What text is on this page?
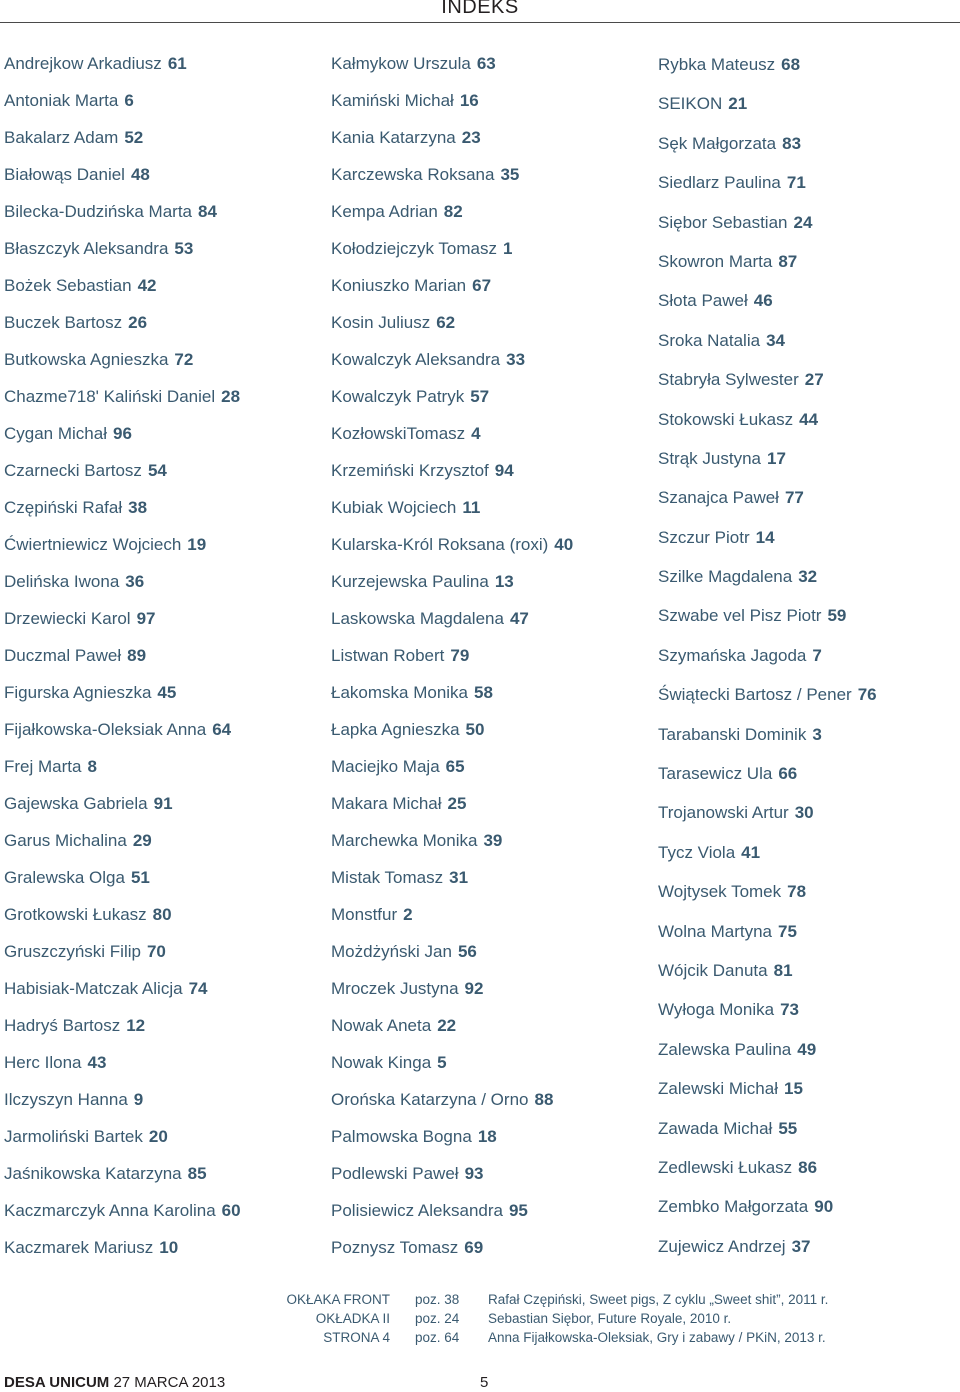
INDEKS
Andrejkow Arkadiusz 61
Antoniak Marta 6
Bakalarz Adam 52
Białowąs Daniel 48
Bilecka-Dudzińska Marta 84
Błaszczyk Aleksandra 53
Bożek Sebastian 42
Buczek Bartosz 26
Butkowska Agnieszka 72
Chazme718' Kaliński Daniel 28
Cygan Michał 96
Czarnecki Bartosz 54
Czępiński Rafał 38
Ćwiertniewicz Wojciech 19
Delińska Iwona 36
Drzewiecki Karol 97
Duczmal Paweł 89
Figurska Agnieszka 45
Fijałkowska-Oleksiak Anna 64
Frej Marta 8
Gajewska Gabriela 91
Garus Michalina 29
Gralewska Olga 51
Grotkowski Łukasz 80
Gruszczyński Filip 70
Habisiak-Matczak Alicja 74
Hadryś Bartosz 12
Herc Ilona 43
Ilczyszyn Hanna 9
Jarmoliński Bartek 20
Jaśnikowska Katarzyna 85
Kaczmarczyk Anna Karolina 60
Kaczmarek Mariusz 10
Kałmykow Urszula 63
Kamiński Michał 16
Kania Katarzyna 23
Karczewska Roksana 35
Kempa Adrian 82
Kołodziejczyk Tomasz 1
Koniuszko Marian 67
Kosin Juliusz 62
Kowalczyk Aleksandra 33
Kowalczyk Patryk 57
KozłowskiTomasz 4
Krzemiński Krzysztof 94
Kubiak Wojciech 11
Kularska-Król Roksana (roxi) 40
Kurzejewska Paulina 13
Laskowska Magdalena 47
Listwan Robert 79
Łakomska Monika 58
Łapka Agnieszka 50
Maciejko Maja 65
Makara Michał 25
Marchewka Monika 39
Mistak Tomasz 31
Monstfur 2
Możdżyński Jan 56
Mroczek Justyna 92
Nowak Aneta 22
Nowak Kinga 5
Orońska Katarzyna / Orno 88
Palmowska Bogna 18
Podlewski Paweł 93
Polisiewicz Aleksandra 95
Poznysz Tomasz 69
Rybka Mateusz 68
SEIKON 21
Sęk Małgorzata 83
Siedlarz Paulina 71
Siębor Sebastian 24
Skowron Marta 87
Słota Paweł 46
Sroka Natalia 34
Stabryła Sylwester 27
Stokowski Łukasz 44
Strąk Justyna 17
Szanajca Paweł 77
Szczur Piotr 14
Szilke Magdalena 32
Szwabe vel Pisz Piotr 59
Szymańska Jagoda 7
Świątecki Bartosz / Pener 76
Tarabanski Dominik 3
Tarasewicz Ula 66
Trojanowski Artur 30
Tycz Viola 41
Wojtysek Tomek 78
Wolna Martyna 75
Wójcik Danuta 81
Wyłoga Monika 73
Zalewska Paulina 49
Zalewski Michał 15
Zawada Michał 55
Zedlewski Łukasz 86
Zembko Małgorzata 90
Zujewicz Andrzej 37
OKŁAKA FRONT poz. 38 Rafał Czępiński, Sweet pigs, Z cyklu „Sweet shit”, 2011 r.
OKŁADKA II poz. 24 Sebastian Siębor, Future Royale, 2010 r.
STRONA 4 poz. 64 Anna Fijałkowska-Oleksiak, Gry i zabawy / PKiN, 2013 r.
DESA UNICUM 27 MARCA 2013	5
